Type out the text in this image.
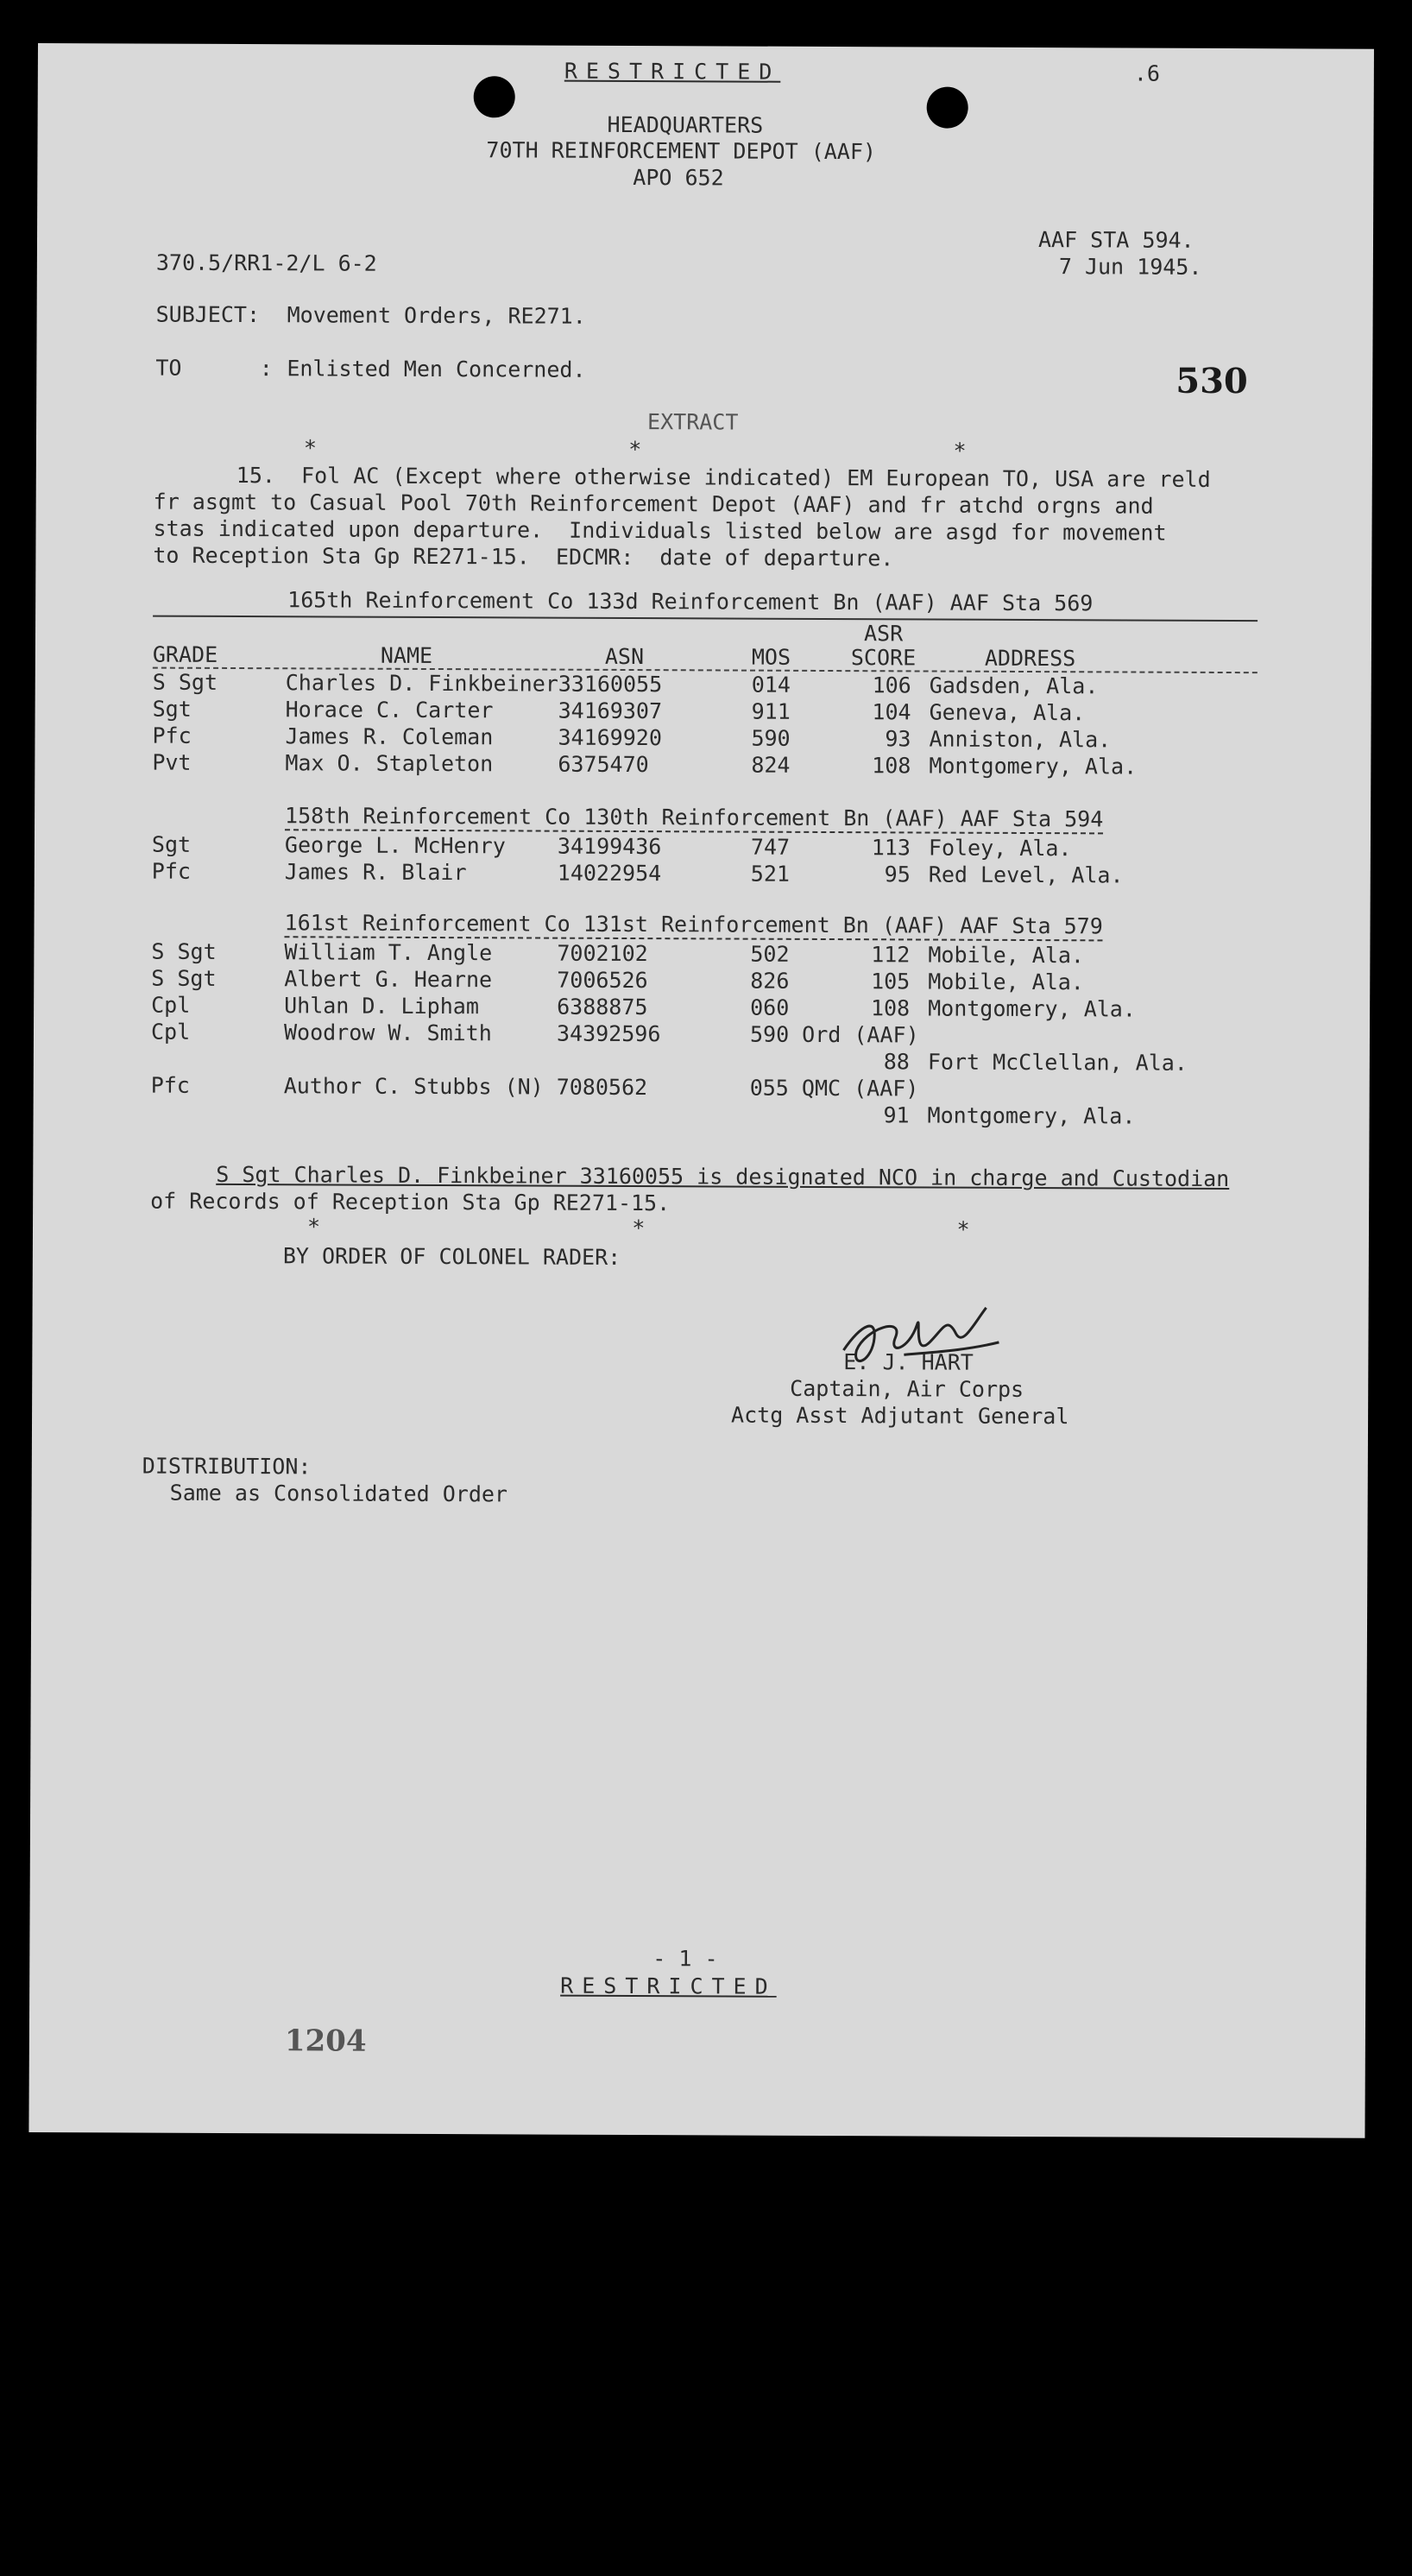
RESTRICTED	.6
HEADQUARTERS
70TH REINFORCEMENT DEPOT (AAF)
APO 652
AAF STA 594.
370.5/RR1-2/L 6-2	7 Jun 1945.
SUBJECT: Movement Orders, RE271.
TO      : Enlisted Men Concerned.	530
EXTRACT
*                        *                        *
15.  Fol AC (Except where otherwise indicated) EM European TO, USA are reld
fr asgmt to Casual Pool 70th Reinforcement Depot (AAF) and fr atchd orgns and
stas indicated upon departure.  Individuals listed below are asgd for movement
to Reception Sta Gp RE271-15.  EDCMR:  date of departure.
165th Reinforcement Co 133d Reinforcement Bn (AAF) AAF Sta 569
ASR
GRADE	NAME	ASN	MOS	SCORE	ADDRESS
S Sgt	Charles D. Finkbeiner 33160055	014	106 Gadsden, Ala.
Sgt	Horace C. Carter	34169307	911	104 Geneva, Ala.
Pfc	James R. Coleman	34169920	590	93 Anniston, Ala.
Pvt	Max O. Stapleton	6375470	824	108 Montgomery, Ala.
158th Reinforcement Co 130th Reinforcement Bn (AAF) AAF Sta 594
Sgt	George L. McHenry 34199436	747	113 Foley, Ala.
Pfc	James R. Blair	14022954	521	95 Red Level, Ala.
161st Reinforcement Co 131st Reinforcement Bn (AAF) AAF Sta 579
S Sgt	William T. Angle	7002102	502	112 Mobile, Ala.
S Sgt	Albert G. Hearne	7006526	826	105 Mobile, Ala.
Cpl	Uhlan D. Lipham	6388875	060	108 Montgomery, Ala.
Cpl	Woodrow W. Smith	34392596	590 Ord (AAF)
88 Fort McClellan, Ala.
Pfc	Author C. Stubbs (N) 7080562	055 QMC (AAF)
91 Montgomery, Ala.
S Sgt Charles D. Finkbeiner 33160055 is designated NCO in charge and Custodian
of Records of Reception Sta Gp RE271-15.
*                        *                        *
BY ORDER OF COLONEL RADER:
E. J. HART
Captain, Air Corps
Actg Asst Adjutant General
DISTRIBUTION:
Same as Consolidated Order
- 1 -
RESTRICTED
1204
